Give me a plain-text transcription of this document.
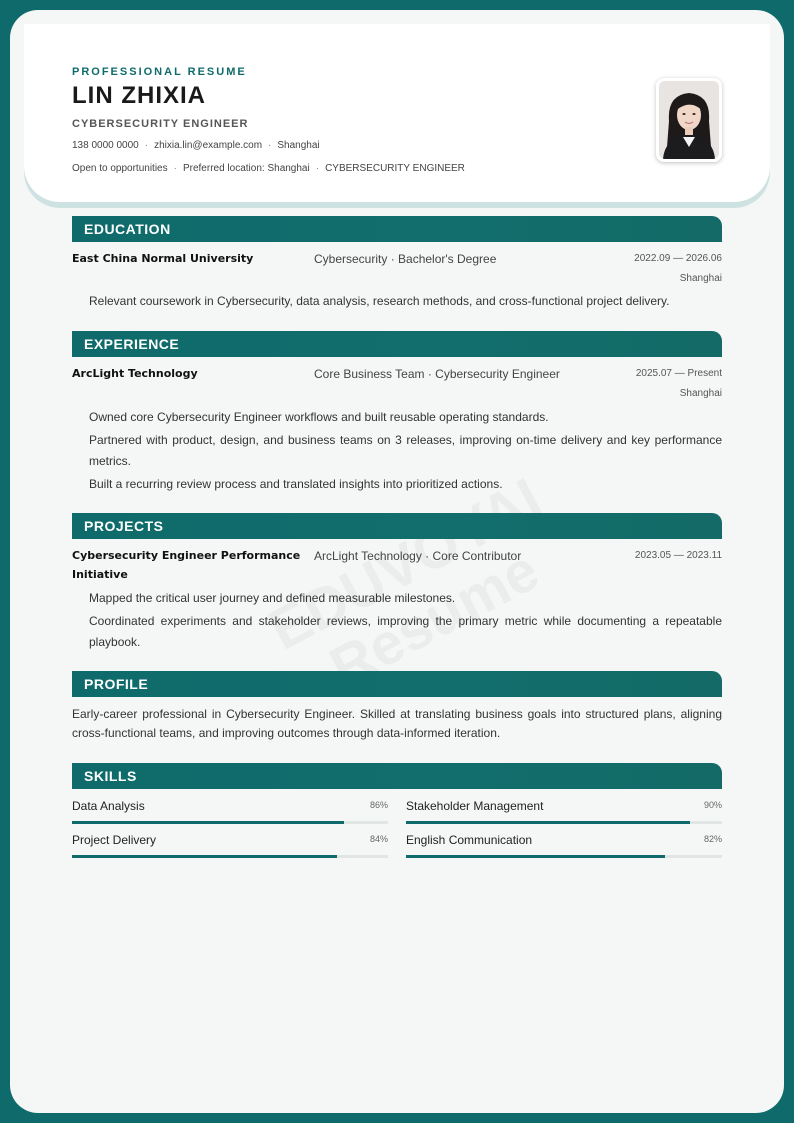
PROFESSIONAL RESUME
LIN ZHIXIA
CYBERSECURITY ENGINEER
138 0000 0000 · zhixia.lin@example.com · Shanghai
Open to opportunities · Preferred location: Shanghai · CYBERSECURITY ENGINEER
EDUCATION
East China Normal University	Cybersecurity · Bachelor's Degree	2022.09 — 2026.06
Shanghai
Relevant coursework in Cybersecurity, data analysis, research methods, and cross-functional project delivery.
EXPERIENCE
ArcLight Technology	Core Business Team · Cybersecurity Engineer	2025.07 — Present
Shanghai
Owned core Cybersecurity Engineer workflows and built reusable operating standards.
Partnered with product, design, and business teams on 3 releases, improving on-time delivery and key performance metrics.
Built a recurring review process and translated insights into prioritized actions.
PROJECTS
Cybersecurity Engineer Performance
Initiative
ArcLight Technology · Core Contributor	2023.05 — 2023.11
Mapped the critical user journey and defined measurable milestones.
Coordinated experiments and stakeholder reviews, improving the primary metric while documenting a repeatable playbook.
PROFILE
Early-career professional in Cybersecurity Engineer. Skilled at translating business goals into structured plans, aligning cross-functional teams, and improving outcomes through data-informed iteration.
SKILLS
Data Analysis	86% Stakeholder Management	90%
Project Delivery	84% English Communication	82%
